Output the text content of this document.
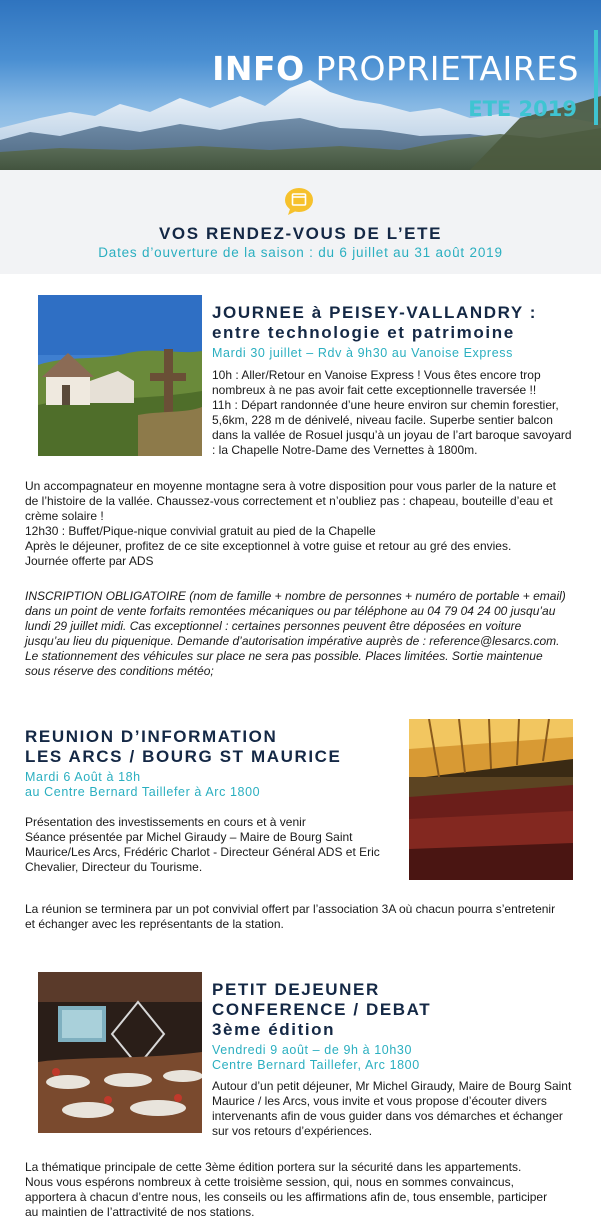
INFO PROPRIETAIRES
ETE 2019
VOS RENDEZ-VOUS DE L’ETE

Dates d’ouverture de la saison : du 6 juillet au 31 août 2019

JOURNEE à PEISEY-VALLANDRY :
entre technologie et patrimoine
Mardi 30 juillet – Rdv à 9h30 au Vanoise Express
10h : Aller/Retour en Vanoise Express ! Vous êtes encore trop
nombreux à ne pas avoir fait cette exceptionnelle traversée !!
11h : Départ randonnée d’une heure environ sur chemin forestier,
5,6km, 228 m de dénivelé, niveau facile. Superbe sentier balcon
dans la vallée de Rosuel jusqu’à un joyau de l’art baroque savoyard
: la Chapelle Notre-Dame des Vernettes à 1800m.
Un accompagnateur en moyenne montagne sera à votre disposition pour vous parler de la nature et
de l’histoire de la vallée. Chaussez-vous correctement et n’oubliez pas : chapeau, bouteille d’eau et
crème solaire !
12h30 : Buffet/Pique-nique convivial gratuit au pied de la Chapelle
Après le déjeuner, profitez de ce site exceptionnel à votre guise et retour au gré des envies.
Journée offerte par ADS
INSCRIPTION OBLIGATOIRE (nom de famille + nombre de personnes + numéro de portable + email)
dans un point de vente forfaits remontées mécaniques ou par téléphone au 04 79 04 24 00 jusqu’au
lundi 29 juillet midi. Cas exceptionnel : certaines personnes peuvent être déposées en voiture
jusqu’au lieu du piquenique. Demande d’autorisation impérative auprès de : reference@lesarcs.com.
Le stationnement des véhicules sur place ne sera pas possible. Places limitées. Sortie maintenue
sous réserve des conditions météo;
REUNION D’INFORMATION
LES ARCS / BOURG ST MAURICE
Mardi 6 Août à 18h
au Centre Bernard Taillefer à Arc 1800
Présentation des investissements en cours et à venir
Séance présentée par Michel Giraudy – Maire de Bourg Saint
Maurice/Les Arcs, Frédéric Charlot - Directeur Général ADS et Eric
Chevalier, Directeur du Tourisme.
La réunion se terminera par un pot convivial offert par l’association 3A où chacun pourra s’entretenir
et échanger avec les représentants de la station.
PETIT DEJEUNER
CONFERENCE / DEBAT
3ème édition
Vendredi 9 août – de 9h à 10h30
Centre Bernard Taillefer, Arc 1800
Autour d’un petit déjeuner, Mr Michel Giraudy, Maire de Bourg Saint
Maurice / les Arcs, vous invite et vous propose d’écouter divers
intervenants afin de vous guider dans vos démarches et échanger
sur vos retours d’expériences.
La thématique principale de cette 3ème édition portera sur la sécurité dans les appartements.
Nous vous espérons nombreux à cette troisième session, qui, nous en sommes convaincus,
apportera à chacun d’entre nous, les conseils ou les affirmations afin de, tous ensemble, participer
au maintien de l’attractivité de nos stations.
